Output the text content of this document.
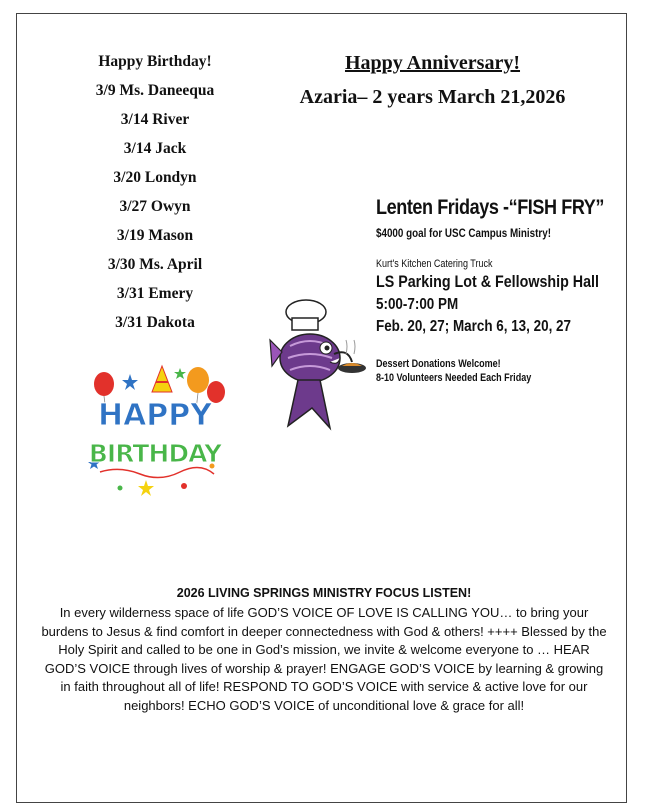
Happy Birthday!
3/9 Ms. Daneequa
3/14 River
3/14 Jack
3/20 Londyn
3/27 Owyn
3/19 Mason
3/30 Ms. April
3/31 Emery
3/31 Dakota
Happy Anniversary!
Azaria– 2 years March 21,2026
HAPPY
BIRTHDAY
Lenten Fridays -“FISH FRY”
$4000 goal for USC Campus Ministry!
Kurt's Kitchen Catering Truck
LS Parking Lot & Fellowship Hall
5:00-7:00 PM
Feb. 20, 27; March 6, 13, 20, 27
Dessert Donations Welcome!
8-10 Volunteers Needed Each Friday
2026 LIVING SPRINGS MINISTRY FOCUS LISTEN!
In every wilderness space of life GOD’S VOICE OF LOVE IS CALLING YOU… to bring your burdens to Jesus & find comfort in deeper connectedness with God & others! ++++ Blessed by the Holy Spirit and called to be one in God’s mission, we invite & welcome everyone to … HEAR GOD’S VOICE through lives of worship & prayer! ENGAGE GOD’S VOICE by learning & growing in faith throughout all of life! RESPOND TO GOD’S VOICE with service & active love for our neighbors! ECHO GOD’S VOICE of unconditional love & grace for all!
